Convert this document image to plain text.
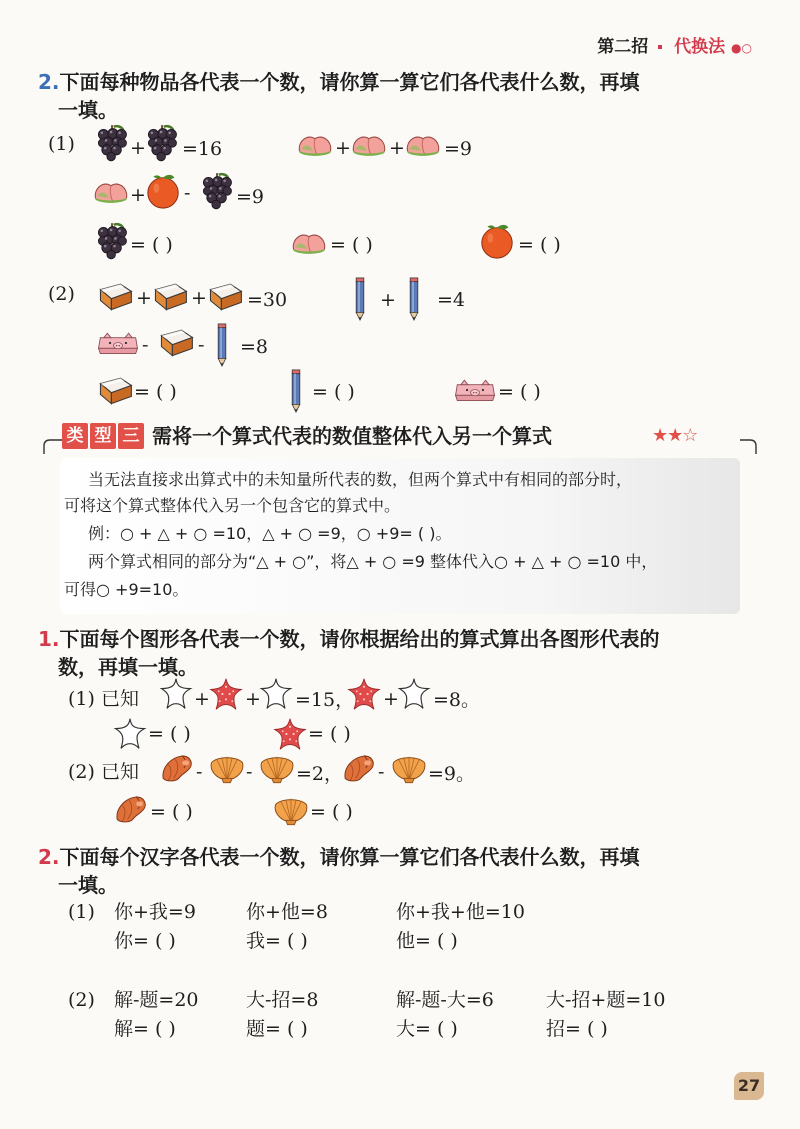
第二招 代换法 ●○
2.下面每种物品各代表一个数，请你算一算它们各代表什么数，再填
一填。
(1)	+ =16	+ + =9
+ - =9
= ( )	= ( )	= ( )
(2)	+ + =30	+ =4
-	- =8
= ( )	= ( )	= ( )
类 型 三 需将一个算式代表的数值整体代入另一个算式	★★☆
当无法直接求出算式中的未知量所代表的数，但两个算式中有相同的部分时，
可将这个算式整体代入另一个包含它的算式中。
例：○ + △ + ○ =10，△ + ○ =9，○ +9= ( )。
两个算式相同的部分为“△ + ○”，将△ + ○ =9 整体代入○ + △ + ○ =10 中，
可得○ +9=10。
1.下面每个图形各代表一个数，请你根据给出的算式算出各图形代表的
数，再填一填。
(1) 已知	+ + =15， + =8。
= ( )	= ( )
(2) 已知	- - =2， - =9。
= ( )	= ( )
2.下面每个汉字各代表一个数，请你算一算它们各代表什么数，再填
一填。
(1) 你+我=9	你+他=8	你+我+他=10
你= ( )	我= ( )	他= ( )
(2) 解-题=20 大-招=8	解-题-大=6	大-招+题=10
解= ( )	题= ( )	大= ( )	招= ( )
27
